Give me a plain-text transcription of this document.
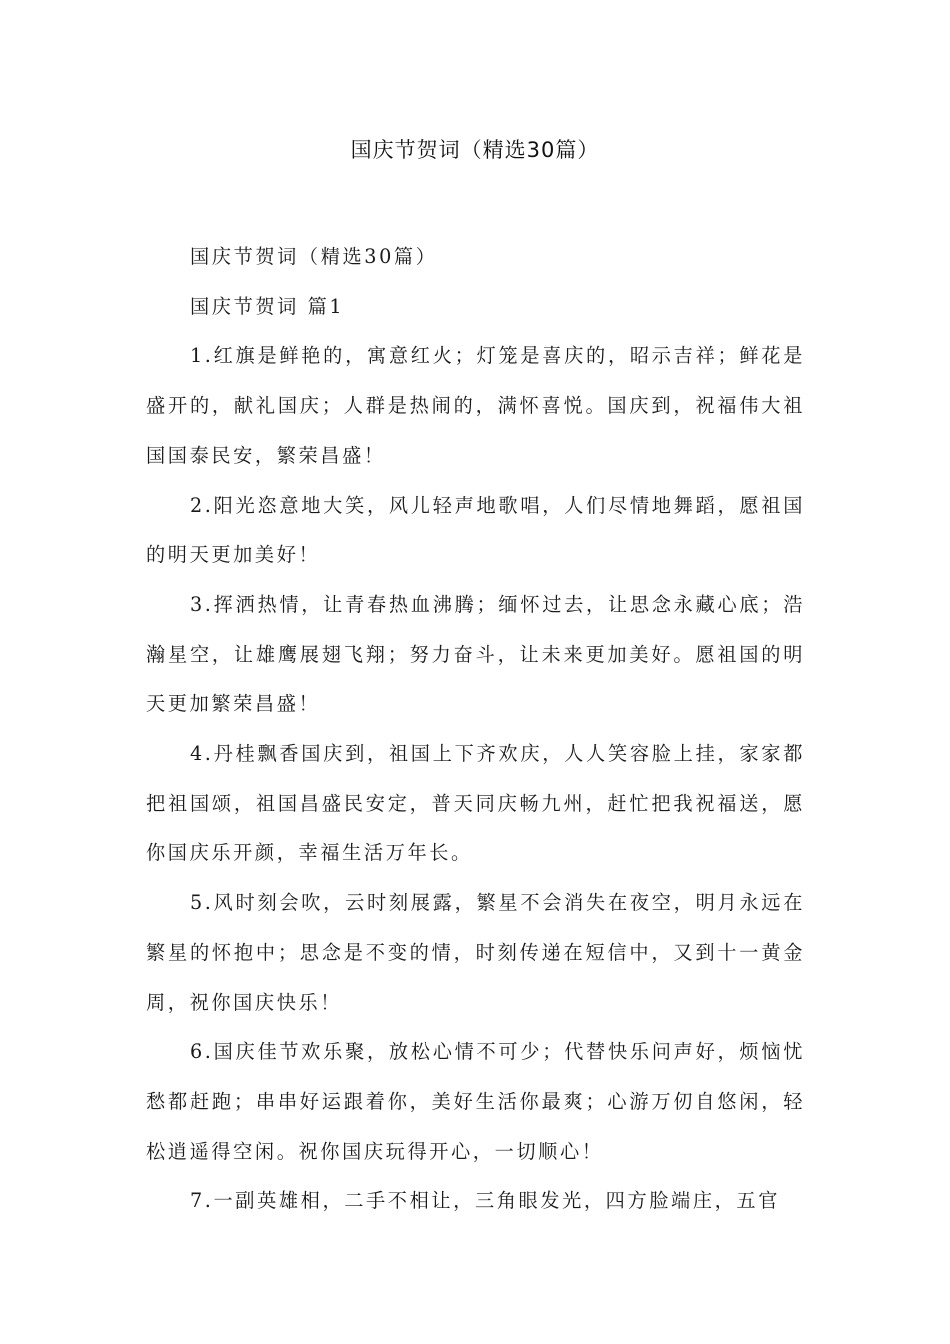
国庆节贺词（精选30篇）

国庆节贺词（精选30篇）

国庆节贺词 篇1

1.红旗是鲜艳的，寓意红火；灯笼是喜庆的，昭示吉祥；鲜花是盛开的，献礼国庆；人群是热闹的，满怀喜悦。国庆到，祝福伟大祖国国泰民安，繁荣昌盛！

2.阳光恣意地大笑，风儿轻声地歌唱，人们尽情地舞蹈，愿祖国的明天更加美好！

3.挥洒热情，让青春热血沸腾；缅怀过去，让思念永藏心底；浩瀚星空，让雄鹰展翅飞翔；努力奋斗，让未来更加美好。愿祖国的明天更加繁荣昌盛！

4.丹桂飘香国庆到，祖国上下齐欢庆，人人笑容脸上挂，家家都把祖国颂，祖国昌盛民安定，普天同庆畅九州，赶忙把我祝福送，愿你国庆乐开颜，幸福生活万年长。

5.风时刻会吹，云时刻展露，繁星不会消失在夜空，明月永远在繁星的怀抱中；思念是不变的情，时刻传递在短信中，又到十一黄金周，祝你国庆快乐！

6.国庆佳节欢乐聚，放松心情不可少；代替快乐问声好，烦恼忧愁都赶跑；串串好运跟着你，美好生活你最爽；心游万仞自悠闲，轻松逍遥得空闲。祝你国庆玩得开心，一切顺心！

7.一副英雄相，二手不相让，三角眼发光，四方脸端庄，五官
